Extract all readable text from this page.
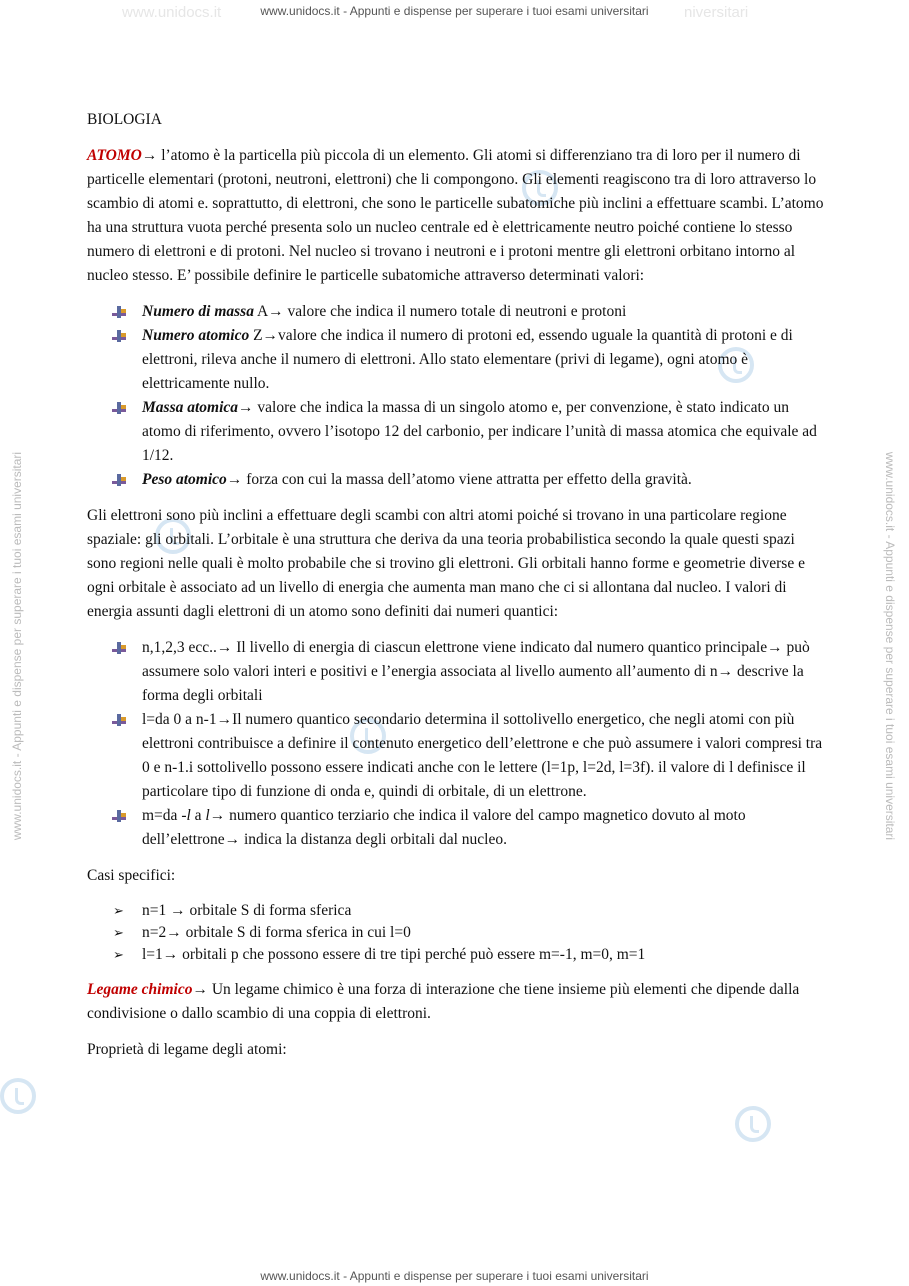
www.unidocs.it - Appunti e dispense per superare i tuoi esami universitari
www.unidocs.it	niversitari
www.unidocs.it - Appunti e dispense per superare i tuoi esami universitari	www.unidocs.it - Appunti e dispense per superare i tuoi esami universitari

BIOLOGIA

ATOMO→ l’atomo è la particella più piccola di un elemento. Gli atomi si differenziano tra di loro per il numero di particelle elementari (protoni, neutroni, elettroni) che li compongono. Gli elementi reagiscono tra di loro attraverso lo scambio di atomi e. soprattutto, di elettroni, che sono le particelle subatomiche più inclini a effettuare scambi. L’atomo ha una struttura vuota perché presenta solo un nucleo centrale ed è elettricamente neutro poiché contiene lo stesso numero di elettroni e di protoni. Nel nucleo si trovano i neutroni e i protoni mentre gli elettroni orbitano intorno al nucleo stesso. E’ possibile definire le particelle subatomiche attraverso determinati valori:

Numero di massa A→ valore che indica il numero totale di neutroni e protoni
Numero atomico Z→valore che indica il numero di protoni ed, essendo uguale la quantità di protoni e di elettroni, rileva anche il numero di elettroni. Allo stato elementare (privi di legame), ogni atomo è elettricamente nullo.
Massa atomica→ valore che indica la massa di un singolo atomo e, per convenzione, è stato indicato un atomo di riferimento, ovvero l’isotopo 12 del carbonio, per indicare l’unità di massa atomica che equivale ad 1/12.
Peso atomico→ forza con cui la massa dell’atomo viene attratta per effetto della gravità.

Gli elettroni sono più inclini a effettuare degli scambi con altri atomi poiché si trovano in una particolare regione spaziale: gli orbitali. L’orbitale è una struttura che deriva da una teoria probabilistica secondo la quale questi spazi sono regioni nelle quali è molto probabile che si trovino gli elettroni. Gli orbitali hanno forme e geometrie diverse e ogni orbitale è associato ad un livello di energia che aumenta man mano che ci si allontana dal nucleo. I valori di energia assunti dagli elettroni di un atomo sono definiti dai numeri quantici:

n,1,2,3 ecc..→ Il livello di energia di ciascun elettrone viene indicato dal numero quantico principale→ può assumere solo valori interi e positivi e l’energia associata al livello aumento all’aumento di n→ descrive la forma degli orbitali
l=da 0 a n-1→Il numero quantico secondario determina il sottolivello energetico, che negli atomi con più elettroni contribuisce a definire il contenuto energetico dell’elettrone e che può assumere i valori compresi tra 0 e n-1.i sottolivello possono essere indicati anche con le lettere (l=1p, l=2d, l=3f). il valore di l definisce il particolare tipo di funzione di onda e, quindi di orbitale, di un elettrone.
m=da -l a l→ numero quantico terziario che indica il valore del campo magnetico dovuto al moto dell’elettrone→ indica la distanza degli orbitali dal nucleo.

Casi specifici:

➢ n=1 → orbitale S di forma sferica
➢ n=2→ orbitale S di forma sferica in cui l=0
➢ l=1→ orbitali p che possono essere di tre tipi perché può essere m=-1, m=0, m=1

Legame chimico→ Un legame chimico è una forza di interazione che tiene insieme più elementi che dipende dalla condivisione o dallo scambio di una coppia di elettroni.

Proprietà di legame degli atomi:

www.unidocs.it - Appunti e dispense per superare i tuoi esami universitari
